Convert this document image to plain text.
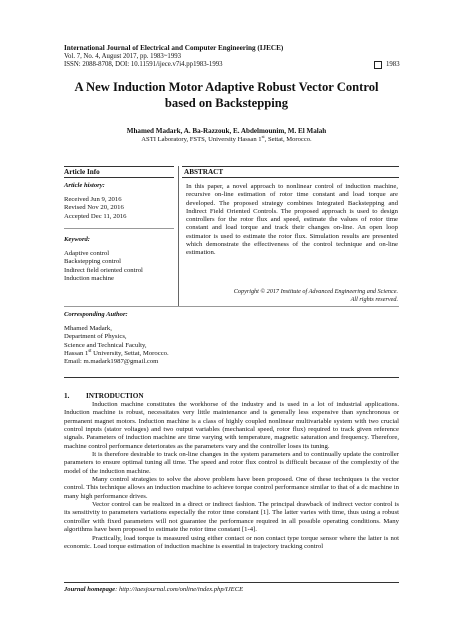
International Journal of Electrical and Computer Engineering (IJECE)
Vol. 7, No. 4, August 2017, pp. 1983~1993
ISSN: 2088-8708, DOI: 10.11591/ijece.v7i4.pp1983-1993	1983
A New Induction Motor Adaptive Robust Vector Control
based on Backstepping
Mhamed Madark, A. Ba-Razzouk, E. Abdelmounim, M. El Malah
ASTI Laboratory, FSTS, University Hassan 1st, Settat, Morocco.
Article Info
Article history:
Received Jun 9, 2016
Revised Nov 20, 2016
Accepted Dec 11, 2016
Keyword:
Adaptive control
Backstepping control
Indirect field oriented control
Induction machine
ABSTRACT
In this paper, a novel approach to nonlinear control of induction machine, recursive on-line estimation of rotor time constant and load torque are developed. The proposed strategy combines Integrated Backstepping and Indirect Field Oriented Controls. The proposed approach is used to design controllers for the rotor flux and speed, estimate the values of rotor time constant and load torque and track their changes on-line. An open loop estimator is used to estimate the rotor flux. Simulation results are presented which demonstrate the effectiveness of the control technique and on-line estimation.
Copyright © 2017 Institute of Advanced Engineering and Science.
All rights reserved.
Corresponding Author:
Mhamed Madark,
Department of Physics,
Science and Technical Faculty,
Hassan 1st University, Settat, Morocco.
Email: m.madark1987@gmail.com
1. INTRODUCTION

Induction machine constitutes the workhorse of the industry and is used in a lot of industrial applications. Induction machine is robust, necessitates very little maintenance and is generally less expensive than synchronous or permanent magnet motors. Induction machine is a class of highly coupled nonlinear multivariable system with two crucial control inputs (stator voltages) and two output variables (mechanical speed, rotor flux) required to track given reference signals. Parameters of induction machine are time varying with temperature, magnetic saturation and frequency. Therefore, machine control performance deteriorates as the parameters vary and the controller loses its tuning.

It is therefore desirable to track on-line changes in the system parameters and to continually update the controller parameters to ensure optimal tuning all time. The speed and rotor flux control is difficult because of the complexity of the model of the induction machine.

Many control strategies to solve the above problem have been proposed. One of these techniques is the vector control. This technique allows an induction machine to achieve torque control performance similar to that of a dc machine in many high performance drives.

Vector control can be realized in a direct or indirect fashion. The principal drawback of indirect vector control is its sensitivity to parameters variations especially the rotor time constant [1]. The latter varies with time, thus using a robust controller with fixed parameters will not guarantee the performance required in all possible operating conditions. Many algorithms have been proposed to estimate the rotor time constant [1-4].

Practically, load torque is measured using either contact or non contact type torque sensor where the latter is not economic. Load torque estimation of induction machine is essential in trajectory tracking control

Journal homepage: http://iaesjournal.com/online/index.php/IJECE
